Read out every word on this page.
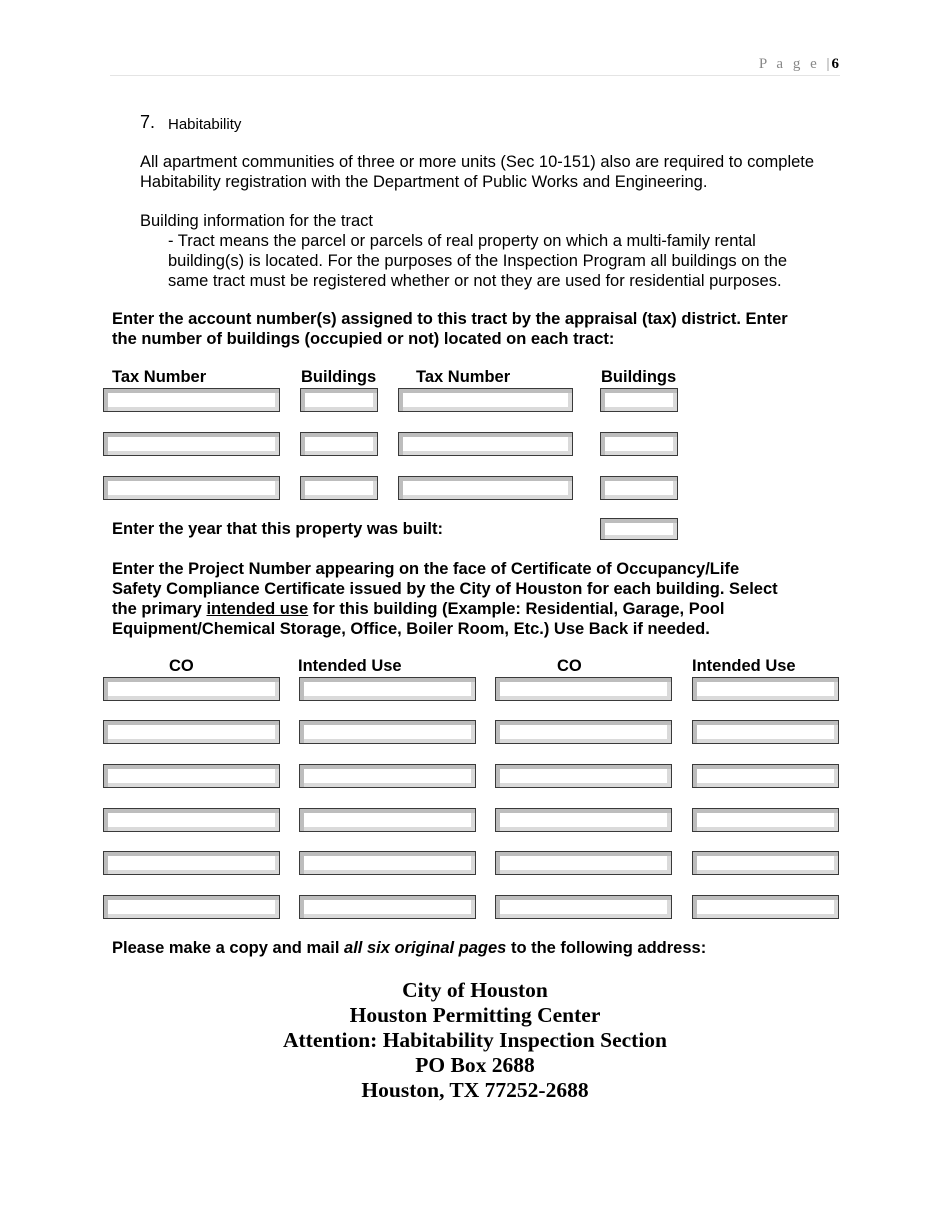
P a g e | 6
7. Habitability
All apartment communities of three or more units (Sec 10-151) also are required to complete
Habitability registration with the Department of Public Works and Engineering.
Building information for the tract
- Tract means the parcel or parcels of real property on which a multi-family rental
building(s) is located. For the purposes of the Inspection Program all buildings on the
same tract must be registered whether or not they are used for residential purposes.
Enter the account number(s) assigned to this tract by the appraisal (tax) district. Enter
the number of buildings (occupied or not) located on each tract:
Tax Number	Buildings Tax Number	Buildings
Enter the year that this property was built:
Enter the Project Number appearing on the face of Certificate of Occupancy/Life
Safety Compliance Certificate issued by the City of Houston for each building. Select
the primary intended use for this building (Example: Residential, Garage, Pool
Equipment/Chemical Storage, Office, Boiler Room, Etc.) Use Back if needed.
CO	Intended Use	CO	Intended Use
Please make a copy and mail all six original pages to the following address:
City of Houston
Houston Permitting Center
Attention: Habitability Inspection Section
PO Box 2688
Houston, TX 77252-2688
